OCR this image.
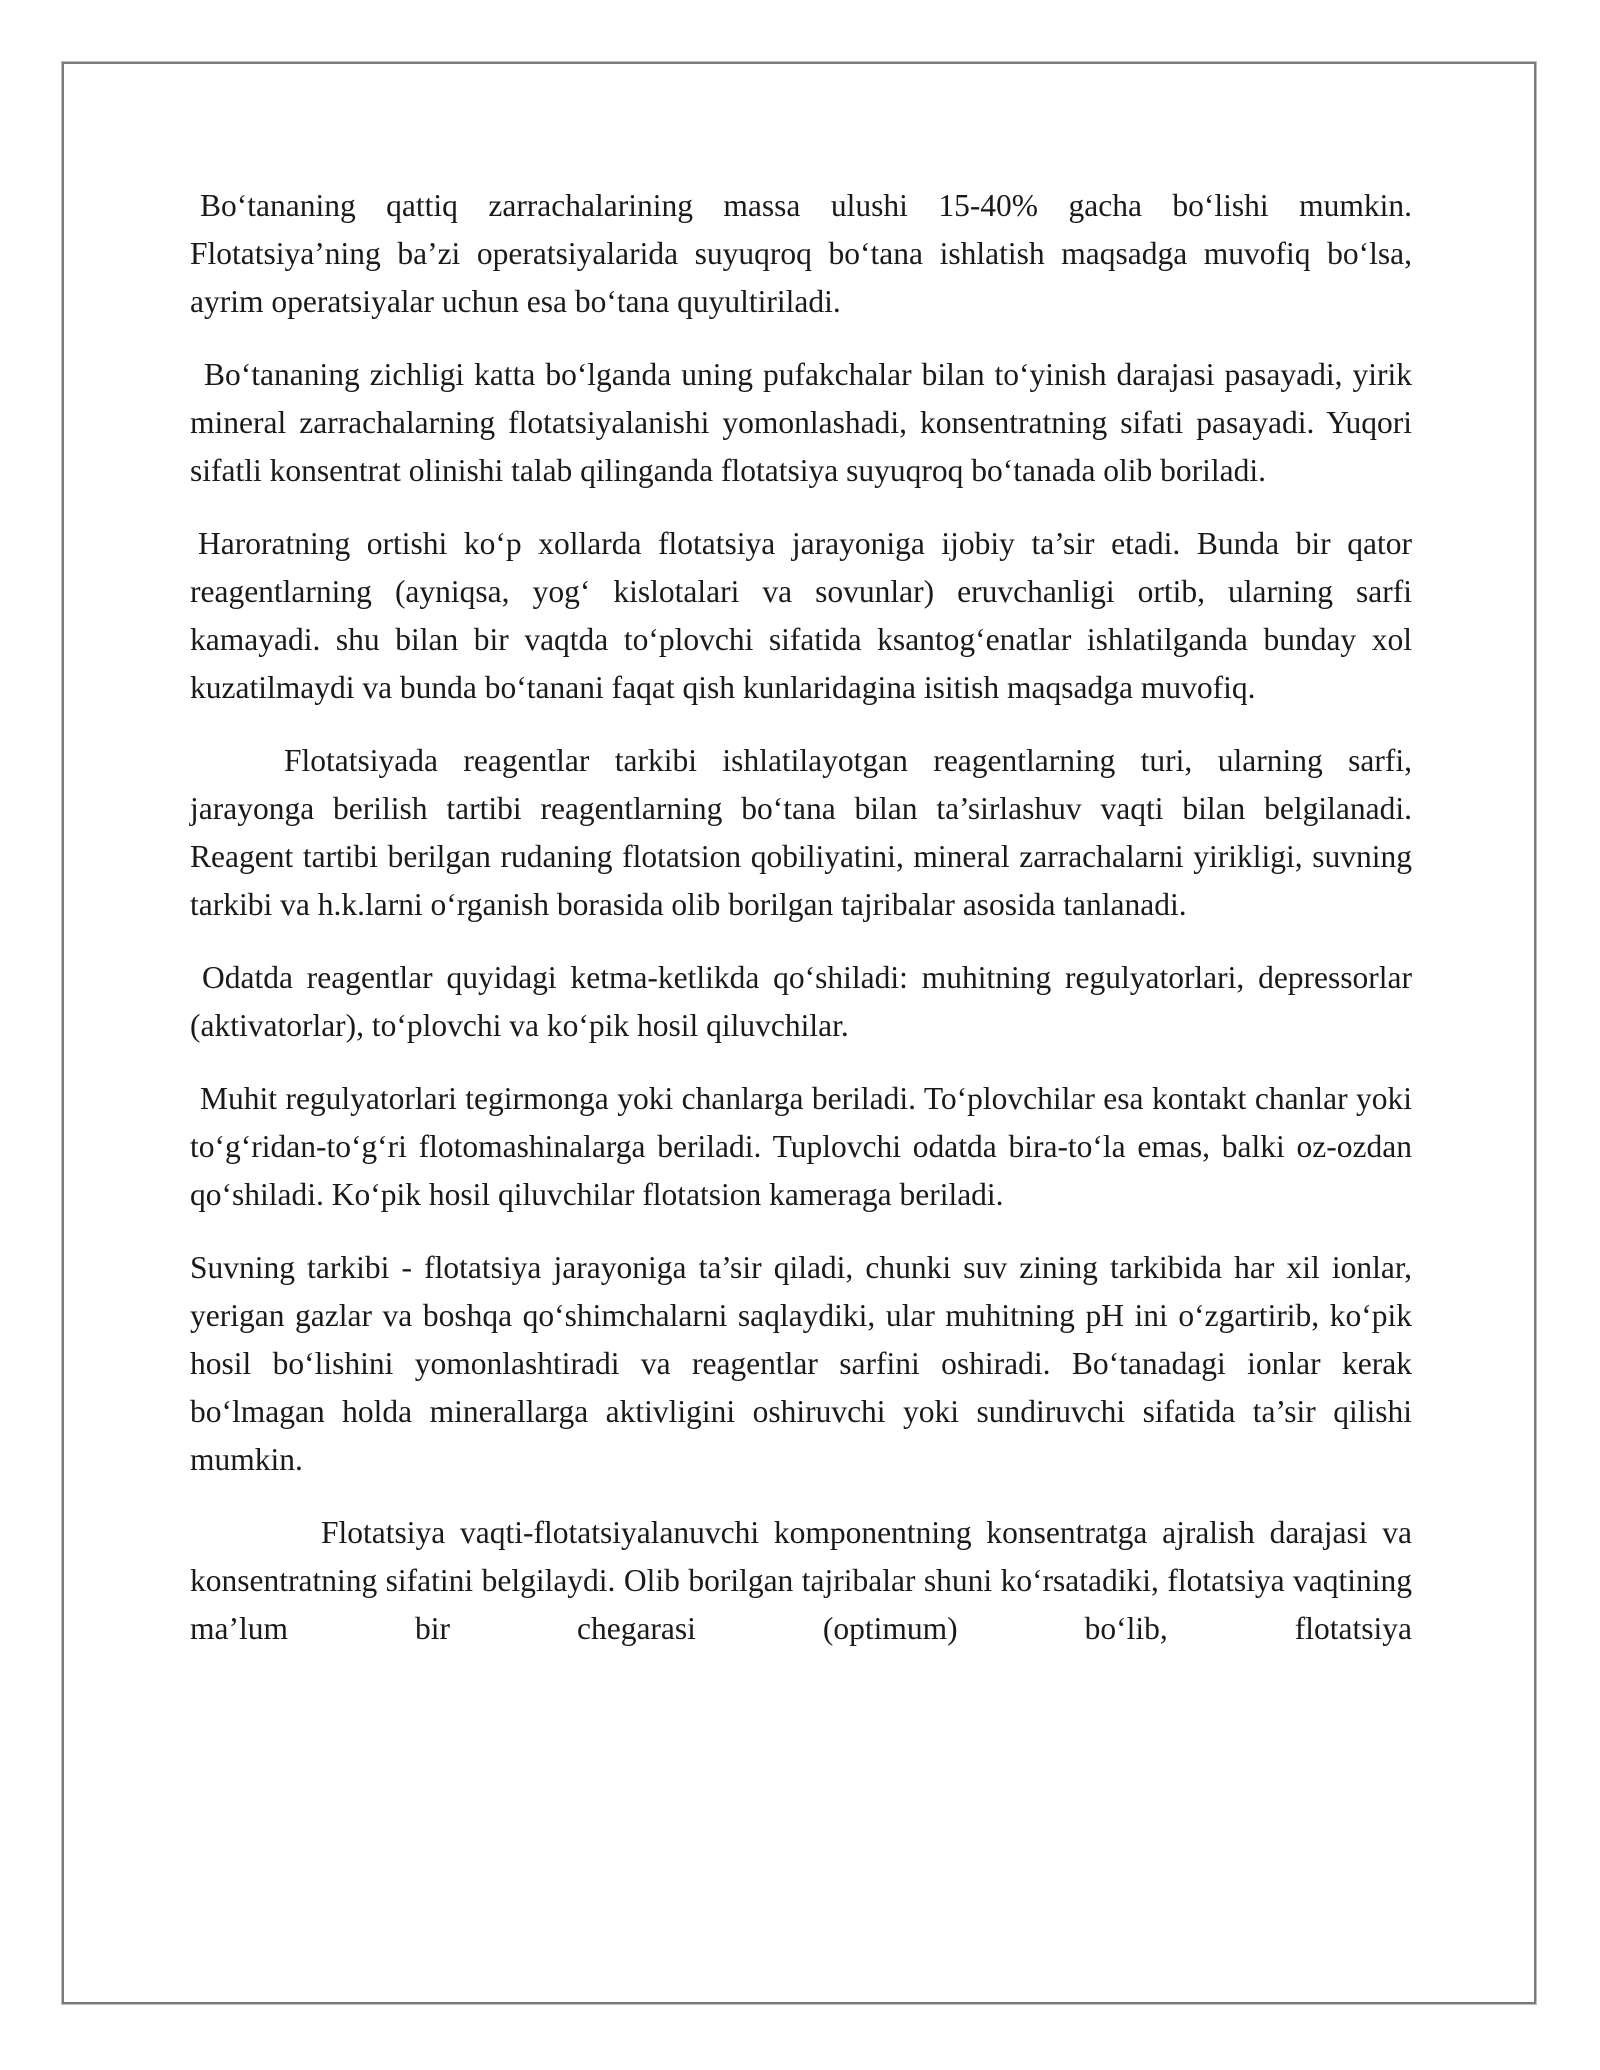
Bo‘tananing qattiq zarrachalarining massa ulushi 15-40% gacha bo‘lishi mumkin. Flotatsiya’ning ba’zi operatsiyalarida suyuqroq bo‘tana ishlatish maqsadga muvofiq bo‘lsa, ayrim operatsiyalar uchun esa bo‘tana quyultiriladi.

Bo‘tananing zichligi katta bo‘lganda uning pufakchalar bilan to‘yinish darajasi pasayadi, yirik mineral zarrachalarning flotatsiyalanishi yomonlashadi, konsentratning sifati pasayadi. Yuqori sifatli konsentrat olinishi talab qilinganda flotatsiya suyuqroq bo‘tanada olib boriladi.

Haroratning ortishi ko‘p xollarda flotatsiya jarayoniga ijobiy ta’sir etadi. Bunda bir qator reagentlarning (ayniqsa, yog‘ kislotalari va sovunlar) eruvchanligi ortib, ularning sarfi kamayadi. shu bilan bir vaqtda to‘plovchi sifatida ksantog‘enatlar ishlatilganda bunday xol kuzatilmaydi va bunda bo‘tanani faqat qish kunlaridagina isitish maqsadga muvofiq.

Flotatsiyada reagentlar tarkibi ishlatilayotgan reagentlarning turi, ularning sarfi, jarayonga berilish tartibi reagentlarning bo‘tana bilan ta’sirlashuv vaqti bilan belgilanadi. Reagent tartibi berilgan rudaning flotatsion qobiliyatini, mineral zarrachalarni yirikligi, suvning tarkibi va h.k.larni o‘rganish borasida olib borilgan tajribalar asosida tanlanadi.

Odatda reagentlar quyidagi ketma-ketlikda qo‘shiladi: muhitning regulyatorlari, depressorlar (aktivatorlar), to‘plovchi va ko‘pik hosil qiluvchilar.

Muhit regulyatorlari tegirmonga yoki chanlarga beriladi. To‘plovchilar esa kontakt chanlar yoki to‘g‘ridan-to‘g‘ri flotomashinalarga beriladi. Tuplovchi odatda bira-to‘la emas, balki oz-ozdan qo‘shiladi. Ko‘pik hosil qiluvchilar flotatsion kameraga beriladi.

Suvning tarkibi - flotatsiya jarayoniga ta’sir qiladi, chunki suv zining tarkibida har xil ionlar, yerigan gazlar va boshqa qo‘shimchalarni saqlaydiki, ular muhitning pH ini o‘zgartirib, ko‘pik hosil bo‘lishini yomonlashtiradi va reagentlar sarfini oshiradi. Bo‘tanadagi ionlar kerak bo‘lmagan holda minerallarga aktivligini oshiruvchi yoki sundiruvchi sifatida ta’sir qilishi mumkin.

Flotatsiya vaqti-flotatsiyalanuvchi komponentning konsentratga ajralish darajasi va konsentratning sifatini belgilaydi. Olib borilgan tajribalar shuni ko‘rsatadiki, flotatsiya vaqtining ma’lum bir chegarasi (optimum) bo‘lib, flotatsiya
